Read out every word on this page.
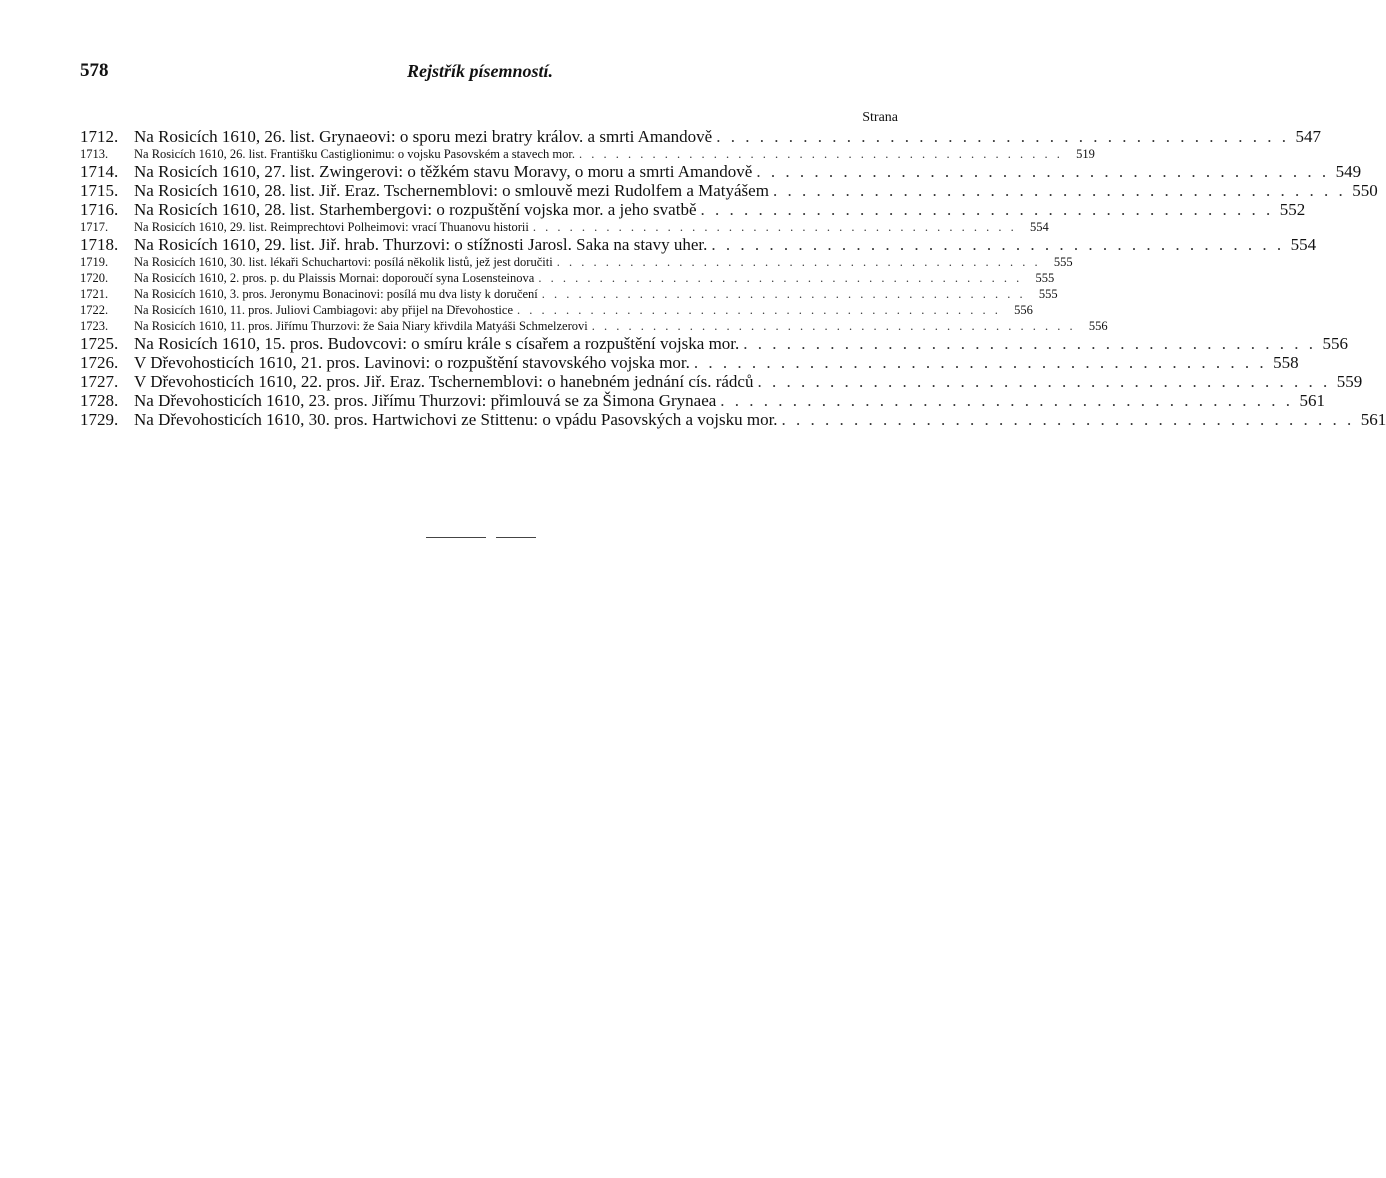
578	Rejstřík písemností.
Strana
1712. Na Rosicích 1610, 26. list. Grynaeovi: o sporu mezi bratry králov. a smrti Amandově . . .	547
1713.	Na Rosicích 1610, 26. list. Františku Castiglionimu: o vojsku Pasovském a stavech mor. . . .	519
1714. Na Rosicích 1610, 27. list. Zwingerovi: o těžkém stavu Moravy, o moru a smrti Amandově . . .	549
1715. Na Rosicích 1610, 28. list. Jiř. Eraz. Tschernemblovi: o smlouvě mezi Rudolfem a Matyášem . . .	550
1716. Na Rosicích 1610, 28. list. Starhembergovi: o rozpuštění vojska mor. a jeho svatbě . . .	552
1717.	Na Rosicích 1610, 29. list. Reimprechtovi Polheimovi: vrací Thuanovu historii . . .	554
1718. Na Rosicích 1610, 29. list. Jiř. hrab. Thurzovi: o stížnosti Jarosl. Saka na stavy uher. . . .	554
1719.	Na Rosicích 1610, 30. list. lékaři Schuchartovi: posílá několik listů, jež jest doručiti . . .	555
1720.	Na Rosicích 1610, 2. pros. p. du Plaissis Mornai: doporoučí syna Losensteinova . . .	555
1721.	Na Rosicích 1610, 3. pros. Jeronymu Bonacinovi: posílá mu dva listy k doručení . . .	555
1722.	Na Rosicích 1610, 11. pros. Juliovi Cambiagovi: aby přijel na Dřevohostice . . .	556
1723.	Na Rosicích 1610, 11. pros. Jiřímu Thurzovi: že Saia Niary křivdila Matyáši Schmelzerovi . . .	556
1725. Na Rosicích 1610, 15. pros. Budovcovi: o smíru krále s císařem a rozpuštění vojska mor. . . .	556
1726. V Dřevohosticích 1610, 21. pros. Lavinovi: o rozpuštění stavovského vojska mor. . . .	558
1727. V Dřevohosticích 1610, 22. pros. Jiř. Eraz. Tschernemblovi: o hanebném jednání cís. rádců . . .	559
1728. Na Dřevohosticích 1610, 23. pros. Jiřímu Thurzovi: přimlouvá se za Šimona Grynaea . . .	561
1729. Na Dřevohosticích 1610, 30. pros. Hartwichovi ze Stittenu: o vpádu Pasovských a vojsku mor. . . .	561
